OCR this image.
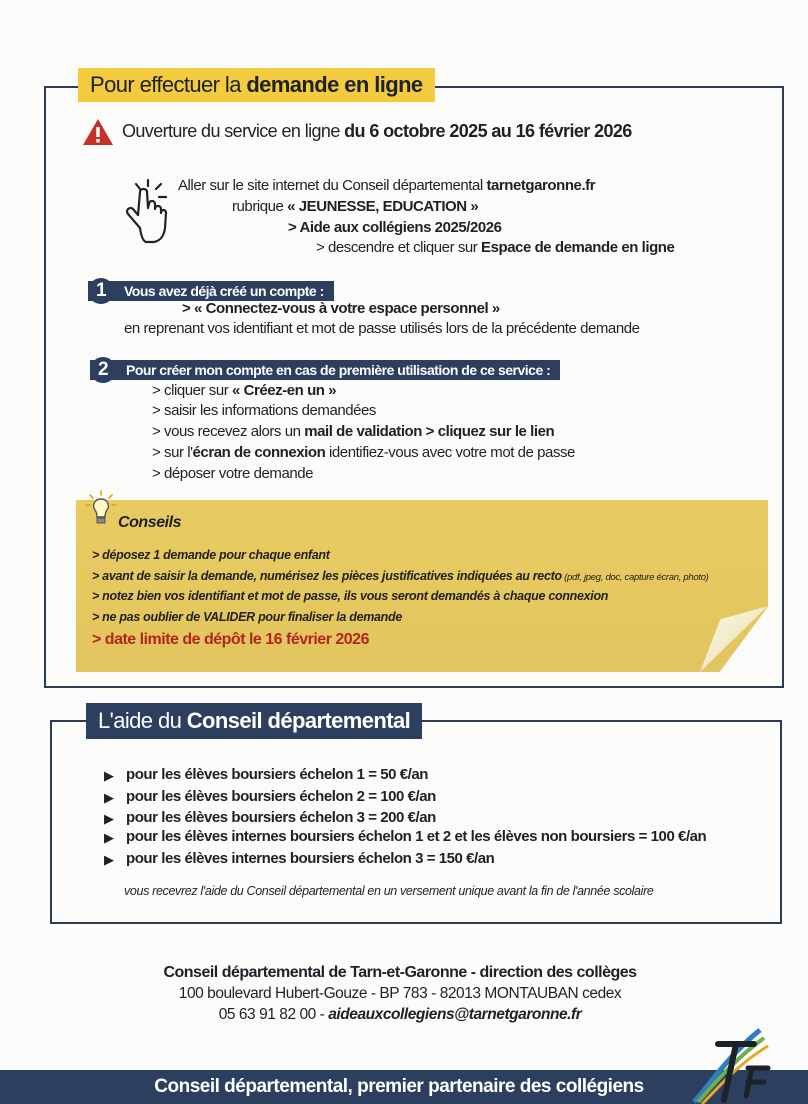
Pour effectuer la demande en ligne
Ouverture du service en ligne du 6 octobre 2025 au 16 février 2026
Aller sur le site internet du Conseil départemental tarnetgaronne.fr
rubrique « JEUNESSE, EDUCATION »
> Aide aux collégiens 2025/2026
> descendre et cliquer sur Espace de demande en ligne
1	Vous avez déjà créé un compte :
> « Connectez-vous à votre espace personnel »
en reprenant vos identifiant et mot de passe utilisés lors de la précédente demande
2	Pour créer mon compte en cas de première utilisation de ce service :
> cliquer sur « Créez-en un »
> saisir les informations demandées
> vous recevez alors un mail de validation > cliquez sur le lien
> sur l'écran de connexion identifiez-vous avec votre mot de passe
> déposer votre demande
Conseils
> déposez 1 demande pour chaque enfant
> avant de saisir la demande, numérisez les pièces justificatives indiquées au recto (pdf, jpeg, doc, capture écran, photo)
> notez bien vos identifiant et mot de passe, ils vous seront demandés à chaque connexion
> ne pas oublier de VALIDER pour finaliser la demande
> date limite de dépôt le 16 février 2026
L'aide du Conseil départemental
▶ pour les élèves boursiers échelon 1 = 50 €/an
▶ pour les élèves boursiers échelon 2 = 100 €/an
▶ pour les élèves boursiers échelon 3 = 200 €/an
▶ pour les élèves internes boursiers échelon 1 et 2 et les élèves non boursiers = 100 €/an
▶ pour les élèves internes boursiers échelon 3 = 150 €/an
vous recevrez l'aide du Conseil départemental en un versement unique avant la fin de l'année scolaire
Conseil départemental de Tarn-et-Garonne - direction des collèges
100 boulevard Hubert-Gouze - BP 783 - 82013 MONTAUBAN cedex
05 63 91 82 00 - aideauxcollegiens@tarnetgaronne.fr
Conseil départemental, premier partenaire des collégiens
